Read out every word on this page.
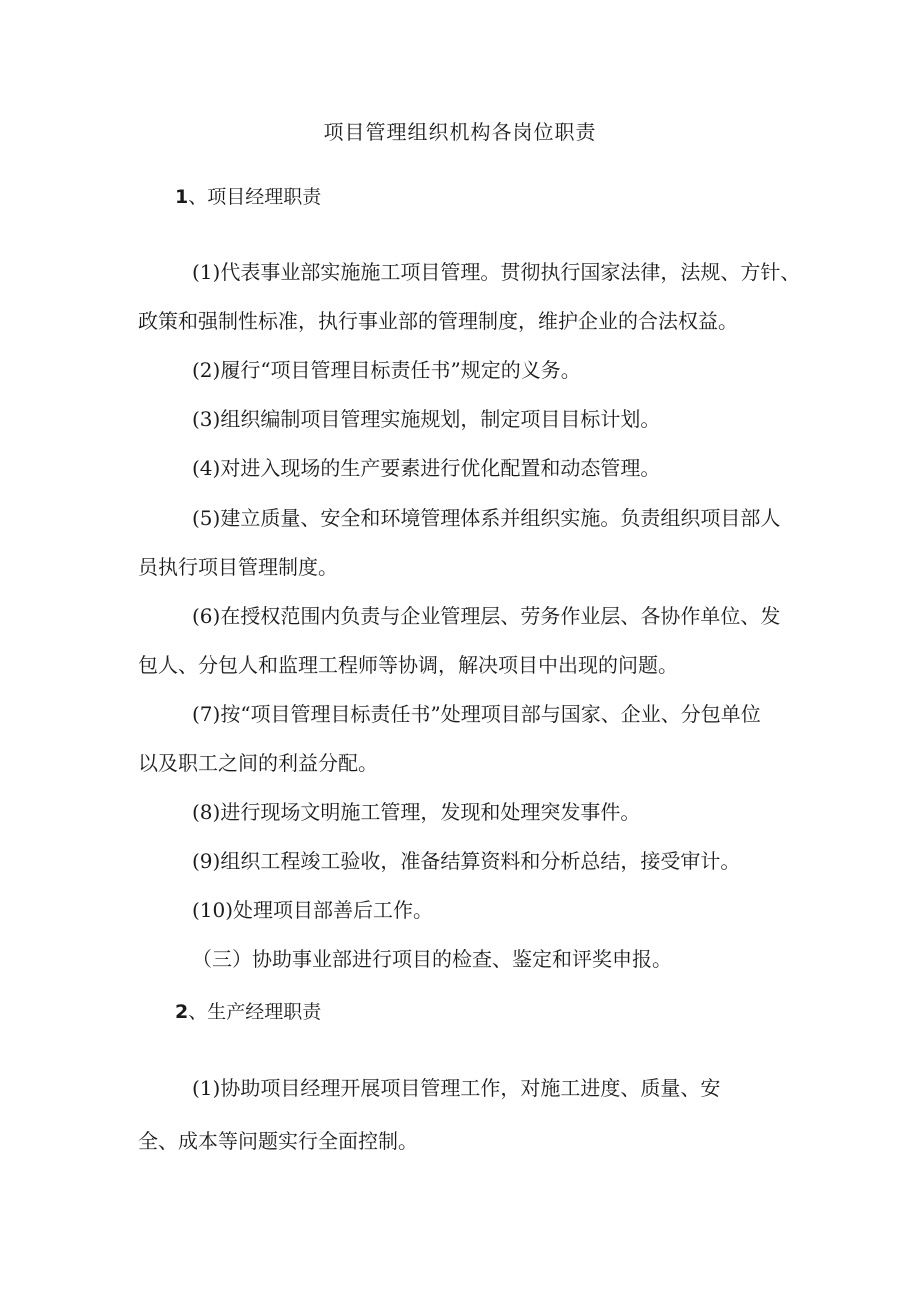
项目管理组织机构各岗位职责
1、项目经理职责
(1)代表事业部实施施工项目管理。贯彻执行国家法律，法规、方针、
政策和强制性标准，执行事业部的管理制度，维护企业的合法权益。
(2)履行“项目管理目标责任书”规定的义务。
(3)组织编制项目管理实施规划，制定项目目标计划。
(4)对进入现场的生产要素进行优化配置和动态管理。
(5)建立质量、安全和环境管理体系并组织实施。负责组织项目部人
员执行项目管理制度。
(6)在授权范围内负责与企业管理层、劳务作业层、各协作单位、发
包人、分包人和监理工程师等协调，解决项目中出现的问题。
(7)按“项目管理目标责任书”处理项目部与国家、企业、分包单位
以及职工之间的利益分配。
(8)进行现场文明施工管理，发现和处理突发事件。
(9)组织工程竣工验收，准备结算资料和分析总结，接受审计。
(10)处理项目部善后工作。
（三）协助事业部进行项目的检查、鉴定和评奖申报。
2、生产经理职责
(1)协助项目经理开展项目管理工作，对施工进度、质量、安
全、成本等问题实行全面控制。
